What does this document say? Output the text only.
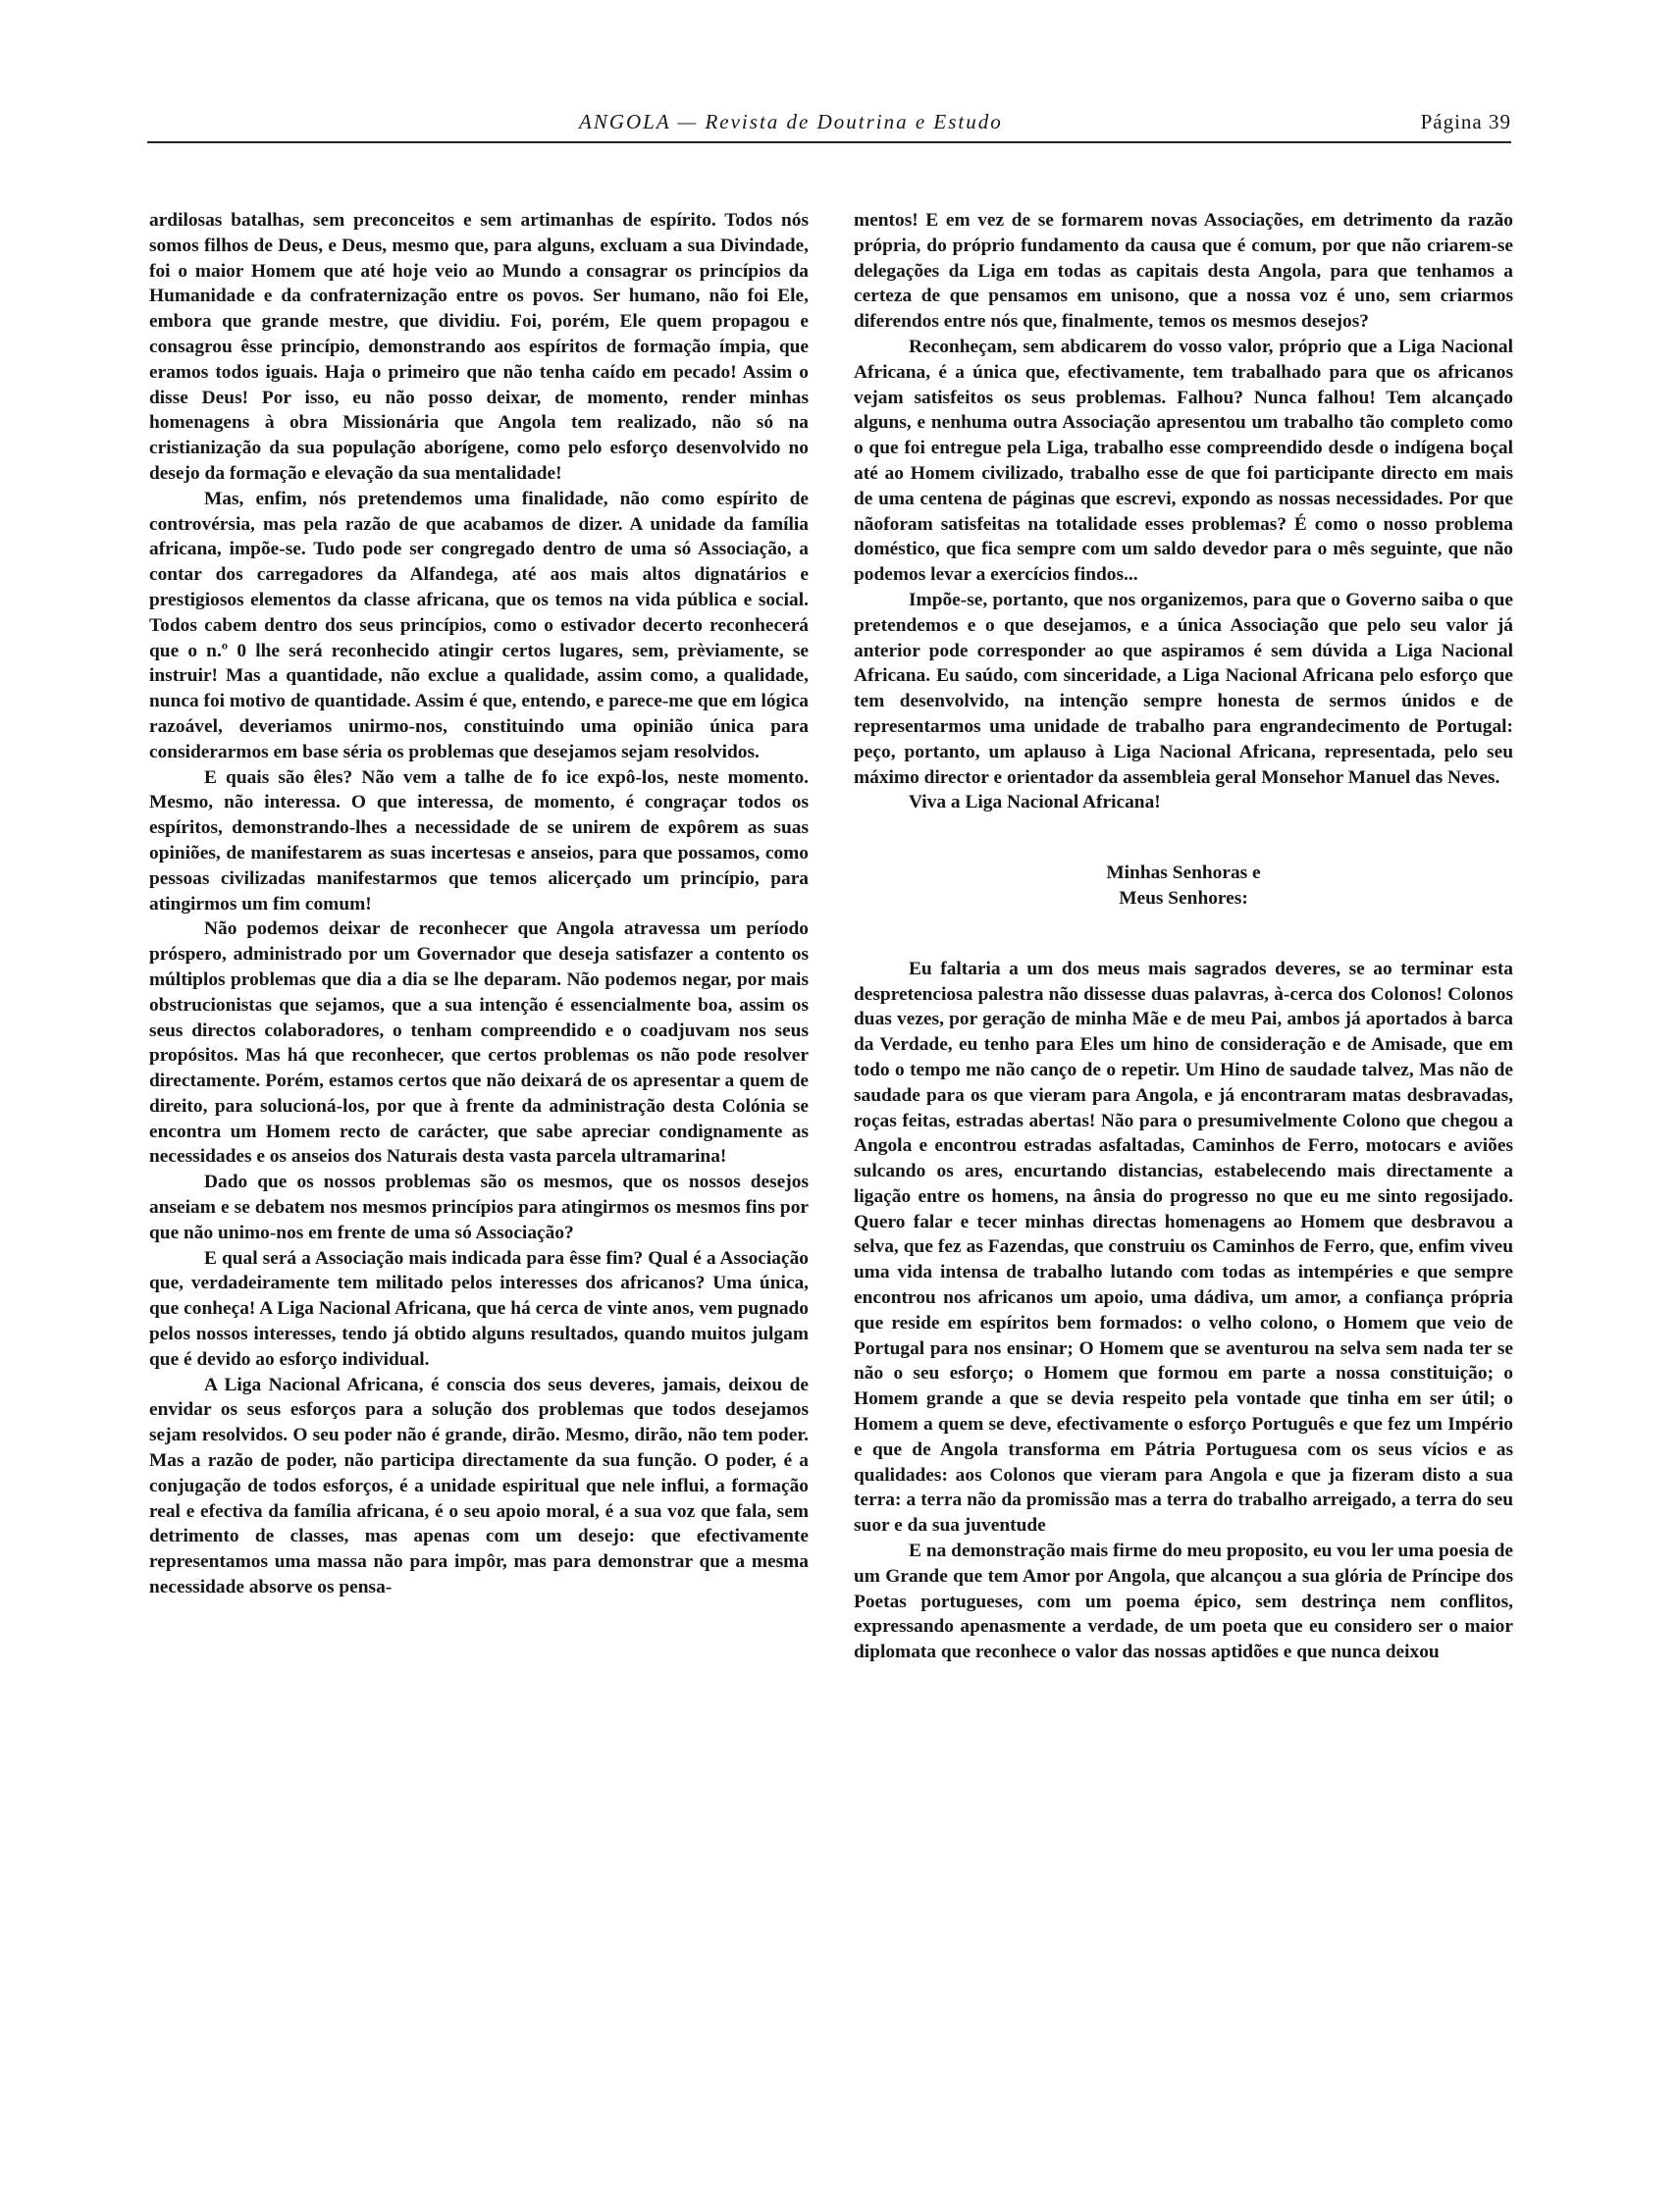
ANGOLA — Revista de Doutrina e Estudo	Página 39

ardilosas batalhas, sem preconceitos e sem artimanhas de espírito. Todos nós somos filhos de Deus, e Deus, mesmo que, para alguns, excluam a sua Divindade, foi o maior Homem que até hoje veio ao Mundo a consagrar os princípios da Humanidade e da confraternização entre os povos. Ser humano, não foi Ele, embora que grande mestre, que dividiu. Foi, porém, Ele quem propagou e consagrou êsse princípio, demonstrando aos espíritos de formação ímpia, que eramos todos iguais. Haja o primeiro que não tenha caído em pecado! Assim o disse Deus! Por isso, eu não posso deixar, de momento, render minhas homenagens à obra Missionária que Angola tem realizado, não só na cristianização da sua população aborígene, como pelo esforço desenvolvido no desejo da formação e elevação da sua mentalidade!

Mas, enfim, nós pretendemos uma finalidade, não como espírito de controvérsia, mas pela razão de que acabamos de dizer. A unidade da família africana, impõe-se. Tudo pode ser congregado dentro de uma só Associação, a contar dos carregadores da Alfandega, até aos mais altos dignatários e prestigiosos elementos da classe africana, que os temos na vida pública e social. Todos cabem dentro dos seus princípios, como o estivador decerto reconhecerá que o n.º 0 lhe será reconhecido atingir certos lugares, sem, prèviamente, se instruir! Mas a quantidade, não exclue a qualidade, assim como, a qualidade, nunca foi motivo de quantidade. Assim é que, entendo, e parece-me que em lógica razoável, deveriamos unirmo-nos, constituindo uma opinião única para considerarmos em base séria os problemas que desejamos sejam resolvidos.

E quais são êles? Não vem a talhe de fo ice expô-los, neste momento. Mesmo, não interessa. O que interessa, de momento, é congraçar todos os espíritos, demonstrando-lhes a necessidade de se unirem de expôrem as suas opiniões, de manifestarem as suas incertesas e anseios, para que possamos, como pessoas civilizadas manifestarmos que temos alicerçado um princípio, para atingirmos um fim comum!

Não podemos deixar de reconhecer que Angola atravessa um período próspero, administrado por um Governador que deseja satisfazer a contento os múltiplos problemas que dia a dia se lhe deparam. Não podemos negar, por mais obstrucionistas que sejamos, que a sua intenção é essencialmente boa, assim os seus directos colaboradores, o tenham compreendido e o coadjuvam nos seus propósitos. Mas há que reconhecer, que certos problemas os não pode resolver directamente. Porém, estamos certos que não deixará de os apresentar a quem de direito, para solucioná-los, por que à frente da administração desta Colónia se encontra um Homem recto de carácter, que sabe apreciar condignamente as necessidades e os anseios dos Naturais desta vasta parcela ultramarina!

Dado que os nossos problemas são os mesmos, que os nossos desejos anseiam e se debatem nos mesmos princípios para atingirmos os mesmos fins por que não unimo-nos em frente de uma só Associação?

E qual será a Associação mais indicada para êsse fim? Qual é a Associação que, verdadeiramente tem militado pelos interesses dos africanos? Uma única, que conheça! A Liga Nacional Africana, que há cerca de vinte anos, vem pugnado pelos nossos interesses, tendo já obtido alguns resultados, quando muitos julgam que é devido ao esforço individual.

A Liga Nacional Africana, é consciа dos seus deveres, jamais, deixou de envidar os seus esforços para a solução dos problemas que todos desejamos sejam resolvidos. O seu poder não é grande, dirão. Mesmo, dirão, não tem poder. Mas a razão de poder, não participa directamente da sua função. O poder, é a conjugação de todos esforços, é a unidade espiritual que nele influi, a formação real e efectiva da família africana, é o seu apoio moral, é a sua voz que fala, sem detrimento de classes, mas apenas com um desejo: que efectivamente representamos uma massa não para impôr, mas para demonstrar que a mesma necessidade absorve os pensa-

mentos! E em vez de se formarem novas Associações, em detrimento da razão própria, do próprio fundamento da causa que é comum, por que não criarem-se delegações da Liga em todas as capitais desta Angola, para que tenhamos a certeza de que pensamos em unisono, que a nossa voz é uno, sem criarmos diferendos entre nós que, finalmente, temos os mesmos desejos?

Reconheçam, sem abdicarem do vosso valor, próprio que a Liga Nacional Africana, é a única que, efectivamente, tem trabalhado para que os africanos vejam satisfeitos os seus problemas. Falhou? Nunca falhou! Tem alcançado alguns, e nenhuma outra Associação apresentou um trabalho tão completo como o que foi entregue pela Liga, trabalho esse compreendido desde o indígena boçal até ao Homem civilizado, trabalho esse de que foi participante directo em mais de uma centena de páginas que escrevi, expondo as nossas necessidades. Por que nãoforam satisfeitas na totalidade esses problemas? É como o nosso problema doméstico, que fica sempre com um saldo devedor para o mês seguinte, que não podemos levar a exercícios findos...

Impõe-se, portanto, que nos organizemos, para que o Governo saiba o que pretendemos e o que desejamos, e a única Associação que pelo seu valor já anterior pode corresponder ao que aspiramos é sem dúvida a Liga Nacional Africana. Eu saúdo, com sinceridade, a Liga Nacional Africana pelo esforço que tem desenvolvido, na intenção sempre honesta de sermos únidos e de representarmos uma unidade de trabalho para engrandecimento de Portugal: peço, portanto, um aplauso à Liga Nacional Africana, representada, pelo seu máximo director e orientador da assembleia geral Monsehor Manuel das Neves.

Viva a Liga Nacional Africana!

Minhas Senhoras e

Meus Senhores:

Eu faltaria a um dos meus mais sagrados deveres, se ao terminar esta despretenciosa palestra não dissesse duas palavras, à-cerca dos Colonos! Colonos duas vezes, por geração de minha Mãe e de meu Pai, ambos já aportados à barca da Verdade, eu tenho para Eles um hino de consideração e de Amisade, que em todo o tempo me não canço de o repetir. Um Hino de saudade talvez, Mas não de saudade para os que vieram para Angola, e já encontraram matas desbravadas, roças feitas, estradas abertas! Não para o presumivelmente Colono que chegou a Angola e encontrou estradas asfaltadas, Caminhos de Ferro, motocars e aviões sulcando os ares, encurtando distancias, estabelecendo mais directamente a ligação entre os homens, na ânsia do progresso no que eu me sinto regosijado. Quero falar e tecer minhas directas homenagens ao Homem que desbravou a selva, que fez as Fazendas, que construiu os Caminhos de Ferro, que, enfim viveu uma vida intensa de trabalho lutando com todas as intempéries e que sempre encontrou nos africanos um apoio, uma dádiva, um amor, a confiança própria que reside em espíritos bem formados: o velho colono, o Homem que veio de Portugal para nos ensinar; O Homem que se aventurou na selva sem nada ter se não o seu esforço; o Homem que formou em parte a nossa constituição; o Homem grande a que se devia respeito pela vontade que tinha em ser útil; o Homem a quem se deve, efectivamente o esforço Português e que fez um Império e que de Angola transforma em Pátria Portuguesa com os seus vícios e as qualidades: aos Colonos que vieram para Angola e que ja fizeram disto a sua terra: a terra não da promissão mas a terra do trabalho arreigado, a terra do seu suor e da sua juventude

E na demonstração mais firme do meu proposito, eu vou ler uma poesia de um Grande que tem Amor por Angola, que alcançou a sua glória de Príncipe dos Poetas portugueses, com um poema épico, sem destrinça nem conflitos, expressando apenasmente a verdade, de um poeta que eu considero ser o maior diplomata que reconhece o valor das nossas aptidões e que nunca deixou
